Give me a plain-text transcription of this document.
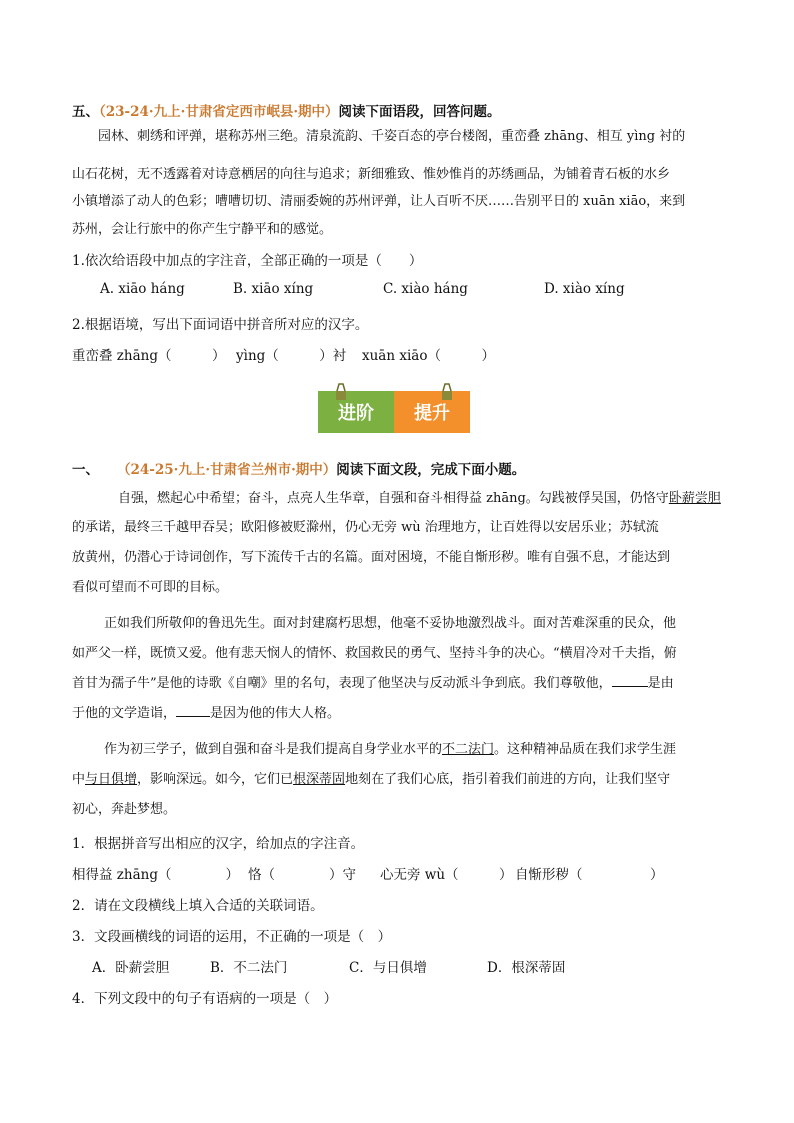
五、（23-24·九上·甘肃省定西市岷县·期中）阅读下面语段，回答问题。
园林、刺绣和评弹，堪称苏州三绝。清泉流韵、千姿百态的亭台楼阁，重峦叠 zhāng、相互 yìng 衬的
山石花树，无不透露着对诗意栖居的向往与追求；新细雅致、惟妙惟肖的苏绣画品，为铺着青石板的水乡
小镇增添了动人的色彩；嘈嘈切切、清丽委婉的苏州评弹，让人百听不厌……告别平日的 xuān xiāo，来到
苏州，会让行旅中的你产生宁静平和的感觉。
1.依次给语段中加点的字注音，全部正确的一项是（　　）
A. xiāo háng	B. xiāo xíng	C. xiào háng	D. xiào xíng
2.根据语境，写出下面词语中拼音所对应的汉字。
重峦叠 zhāng（　　　） yìng（　　　）衬 xuān xiāo（　　　）
进阶	提升
一、 （24-25·九上·甘肃省兰州市·期中）阅读下面文段，完成下面小题。
自强，燃起心中希望；奋斗，点亮人生华章，自强和奋斗相得益 zhāng。勾践被俘吴国，仍恪守卧薪尝胆
的承诺，最终三千越甲吞吴；欧阳修被贬滁州，仍心无旁 wù 治理地方，让百姓得以安居乐业；苏轼流
放黄州，仍潜心于诗词创作，写下流传千古的名篇。面对困境，不能自惭形秽。唯有自强不息，才能达到
看似可望而不可即的目标。
正如我们所敬仰的鲁迅先生。面对封建腐朽思想，他毫不妥协地激烈战斗。面对苦难深重的民众，他
如严父一样，既愤又爱。他有悲天悯人的情怀、救国救民的勇气、坚持斗争的决心。“横眉冷对千夫指，俯
首甘为孺子牛”是他的诗歌《自嘲》里的名句，表现了他坚决与反动派斗争到底。我们尊敬他，	是由
于他的文学造诣，	是因为他的伟大人格。
作为初三学子，做到自强和奋斗是我们提高自身学业水平的不二法门。这种精神品质在我们求学生涯
中与日俱增，影响深远。如今，它们已根深蒂固地刻在了我们心底，指引着我们前进的方向，让我们坚守
初心，奔赴梦想。
1．根据拼音写出相应的汉字，给加点的字注音。
相得益 zhāng（　　　　） 恪（　　　　）守 心无旁 wù（　　　） 自惭形秽（　　　　　）
2．请在文段横线上填入合适的关联词语。
3．文段画横线的词语的运用，不正确的一项是（　）
A．卧薪尝胆	B．不二法门	C．与日俱增	D．根深蒂固
4．下列文段中的句子有语病的一项是（　）
